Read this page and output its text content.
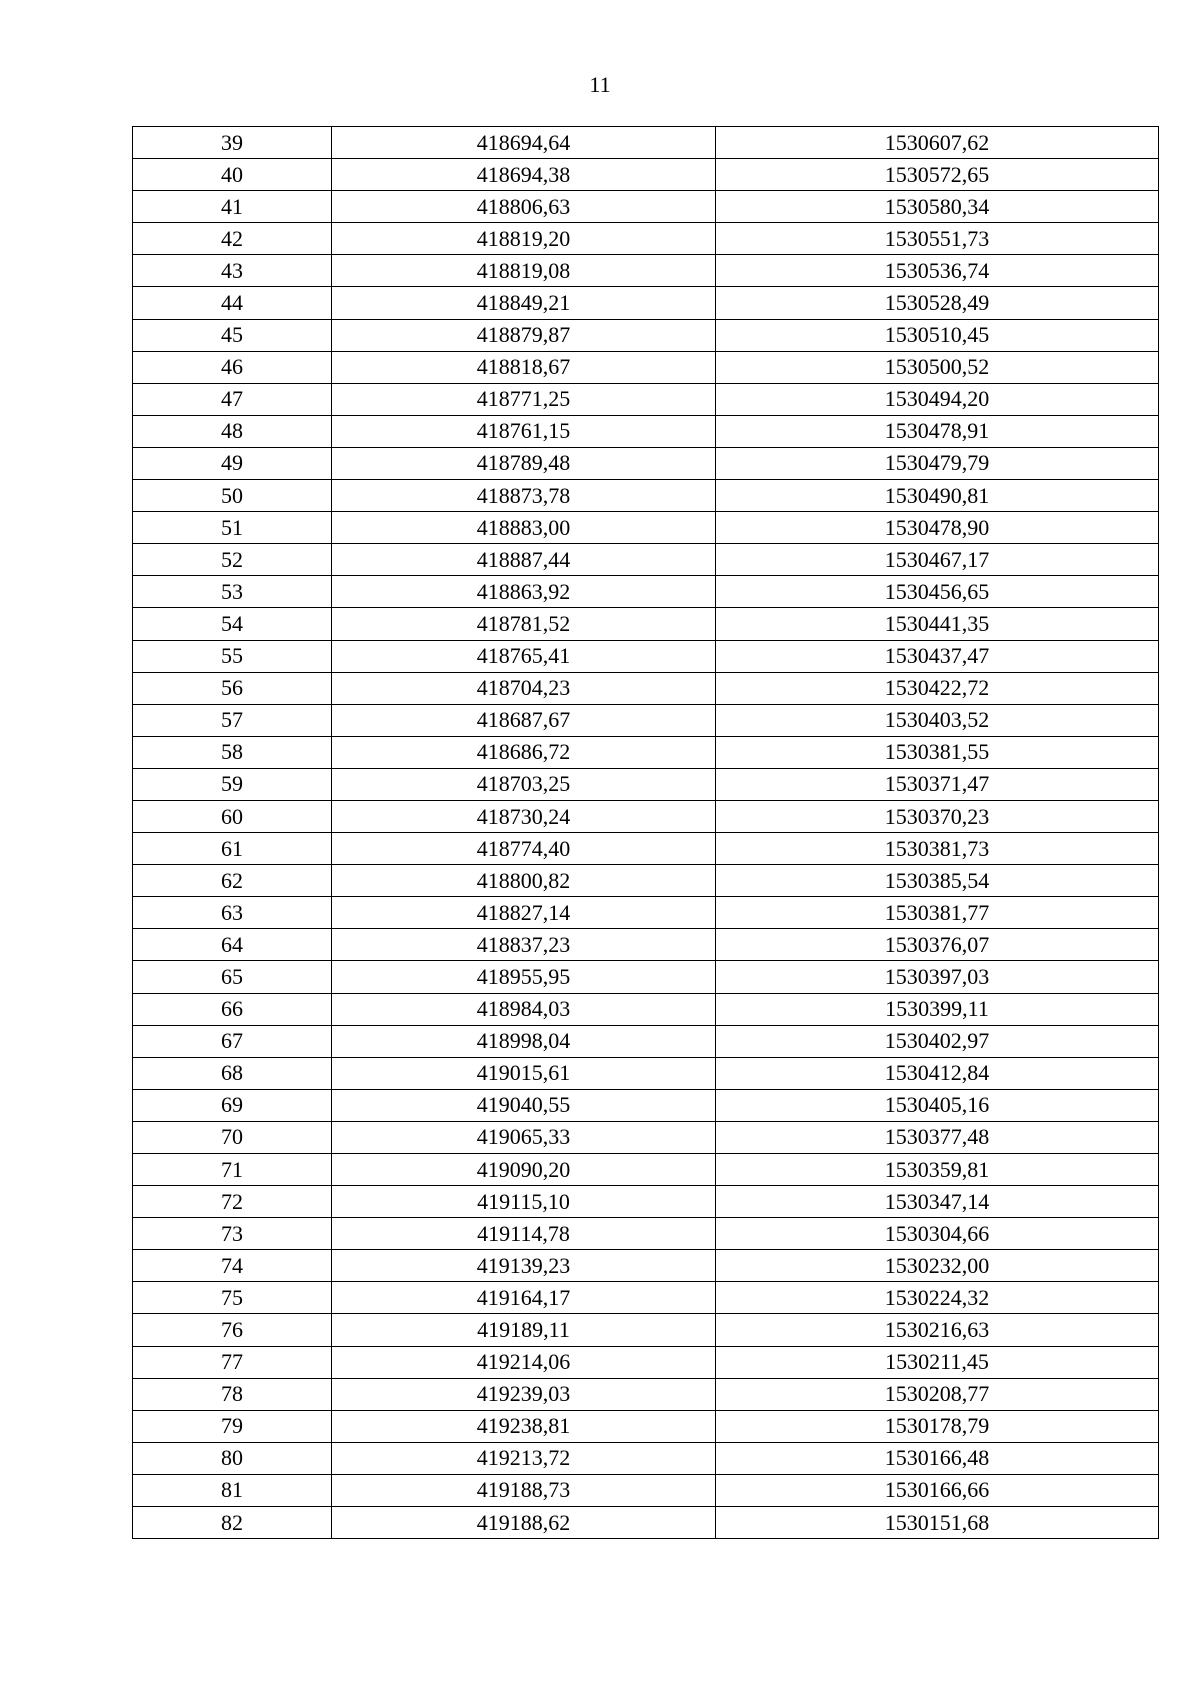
11
39	418694,64	1530607,62
40	418694,38	1530572,65
41	418806,63	1530580,34
42	418819,20	1530551,73
43	418819,08	1530536,74
44	418849,21	1530528,49
45	418879,87	1530510,45
46	418818,67	1530500,52
47	418771,25	1530494,20
48	418761,15	1530478,91
49	418789,48	1530479,79
50	418873,78	1530490,81
51	418883,00	1530478,90
52	418887,44	1530467,17
53	418863,92	1530456,65
54	418781,52	1530441,35
55	418765,41	1530437,47
56	418704,23	1530422,72
57	418687,67	1530403,52
58	418686,72	1530381,55
59	418703,25	1530371,47
60	418730,24	1530370,23
61	418774,40	1530381,73
62	418800,82	1530385,54
63	418827,14	1530381,77
64	418837,23	1530376,07
65	418955,95	1530397,03
66	418984,03	1530399,11
67	418998,04	1530402,97
68	419015,61	1530412,84
69	419040,55	1530405,16
70	419065,33	1530377,48
71	419090,20	1530359,81
72	419115,10	1530347,14
73	419114,78	1530304,66
74	419139,23	1530232,00
75	419164,17	1530224,32
76	419189,11	1530216,63
77	419214,06	1530211,45
78	419239,03	1530208,77
79	419238,81	1530178,79
80	419213,72	1530166,48
81	419188,73	1530166,66
82	419188,62	1530151,68
